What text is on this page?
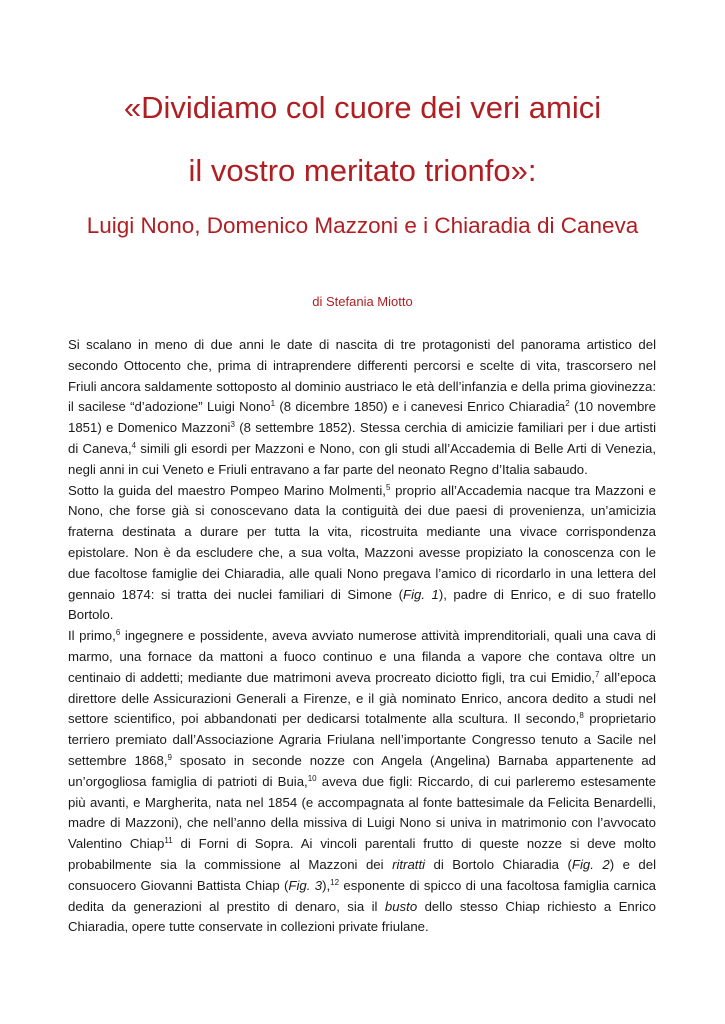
«Dividiamo col cuore dei veri amici
il vostro meritato trionfo»:
Luigi Nono, Domenico Mazzoni e i Chiaradia di Caneva
di Stefania Miotto

Si scalano in meno di due anni le date di nascita di tre protagonisti del panorama artistico del secondo Ottocento che, prima di intraprendere differenti percorsi e scelte di vita, trascorsero nel Friuli ancora saldamente sottoposto al dominio austriaco le età dell’infanzia e della prima giovinezza: il sacilese “d’adozione” Luigi Nono$^1$ (8 dicembre 1850) e i canevesi Enrico Chiaradia$^2$ (10 novembre 1851) e Domenico Mazzoni$^3$ (8 settembre 1852). Stessa cerchia di amicizie familiari per i due artisti di Caneva,$^4$ simili gli esordi per Mazzoni e Nono, con gli studi all’Accademia di Belle Arti di Venezia, negli anni in cui Veneto e Friuli entravano a far parte del neonato Regno d’Italia sabaudo.

Sotto la guida del maestro Pompeo Marino Molmenti,$^5$ proprio all’Accademia nacque tra Mazzoni e Nono, che forse già si conoscevano data la contiguità dei due paesi di provenienza, un’amicizia fraterna destinata a durare per tutta la vita, ricostruita mediante una vivace corrispondenza epistolare. Non è da escludere che, a sua volta, Mazzoni avesse propiziato la conoscenza con le due facoltose famiglie dei Chiaradia, alle quali Nono pregava l’amico di ricordarlo in una lettera del gennaio 1874: si tratta dei nuclei familiari di Simone (Fig. 1), padre di Enrico, e di suo fratello Bortolo.

Il primo,$^6$ ingegnere e possidente, aveva avviato numerose attività imprenditoriali, quali una cava di marmo, una fornace da mattoni a fuoco continuo e una filanda a vapore che contava oltre un centinaio di addetti; mediante due matrimoni aveva procreato diciotto figli, tra cui Emidio,$^7$ all’epoca direttore delle Assicurazioni Generali a Firenze, e il già nominato Enrico, ancora dedito a studi nel settore scientifico, poi abbandonati per dedicarsi totalmente alla scultura. Il secondo,$^8$ proprietario terriero premiato dall’Associazione Agraria Friulana nell’importante Congresso tenuto a Sacile nel settembre 1868,$^9$ sposato in seconde nozze con Angela (Angelina) Barnaba appartenente ad un’orgogliosa famiglia di patrioti di Buia,$^{10}$ aveva due figli: Riccardo, di cui parleremo estesamente più avanti, e Margherita, nata nel 1854 (e accompagnata al fonte battesimale da Felicita Benardelli, madre di Mazzoni), che nell’anno della missiva di Luigi Nono si univa in matrimonio con l’avvocato Valentino Chiap$^{11}$ di Forni di Sopra. Ai vincoli parentali frutto di queste nozze si deve molto probabilmente sia la commissione al Mazzoni dei ritratti di Bortolo Chiaradia (Fig. 2) e del consuocero Giovanni Battista Chiap (Fig. 3),$^{12}$ esponente di spicco di una facoltosa famiglia carnica dedita da generazioni al prestito di denaro, sia il busto dello stesso Chiap richiesto a Enrico Chiaradia, opere tutte conservate in collezioni private friulane.
